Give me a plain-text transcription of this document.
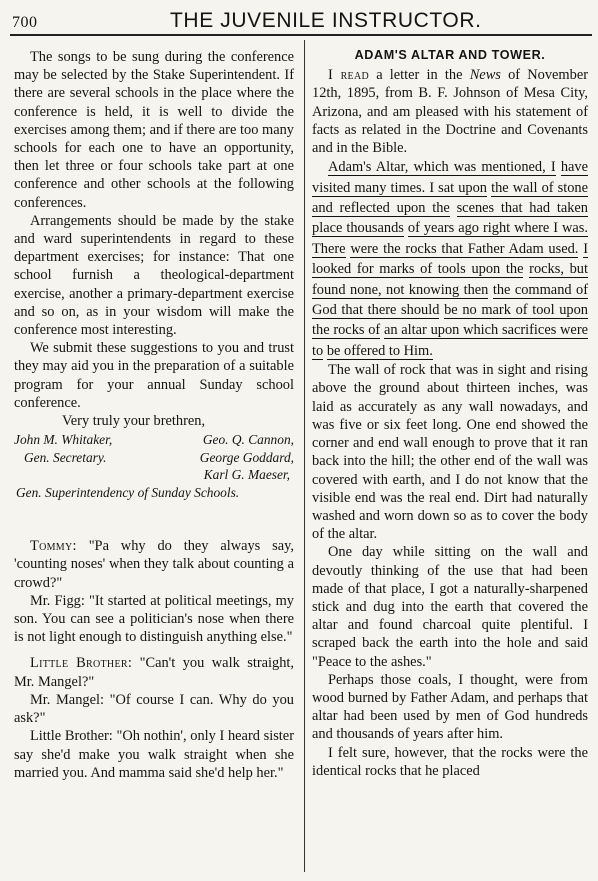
700	THE JUVENILE INSTRUCTOR.

The songs to be sung during the conference may be selected by the Stake Superintendent. If there are several schools in the place where the conference is held, it is well to divide the exercises among them; and if there are too many schools for each one to have an opportunity, then let three or four schools take part at one conference and other schools at the following conferences.

Arrangements should be made by the stake and ward superintendents in regard to these department exercises; for instance: That one school furnish a theological-department exercise, another a primary-department exercise and so on, as in your wisdom will make the conference most interesting.

We submit these suggestions to you and trust they may aid you in the preparation of a suitable program for your annual Sunday school conference.

Very truly your brethren,

John M. Whitaker,	Geo. Q. Cannon,
Gen. Secretary.	George Goddard,
Karl G. Maeser,
Gen. Superintendency of Sunday Schools.

Tommy: "Pa why do they always say, 'counting noses' when they talk about counting a crowd?"

Mr. Figg: "It started at political meetings, my son. You can see a politician's nose when there is not light enough to distinguish anything else."

Little Brother: "Can't you walk straight, Mr. Mangel?"

Mr. Mangel: "Of course I can. Why do you ask?"

Little Brother: "Oh nothin', only I heard sister say she'd make you walk straight when she married you. And mamma said she'd help her."

ADAM'S ALTAR AND TOWER.

I read a letter in the News of November 12th, 1895, from B. F. Johnson of Mesa City, Arizona, and am pleased with his statement of facts as related in the Doctrine and Covenants and in the Bible.

Adam's Altar, which was mentioned, I have visited many times. I sat upon the wall of stone and reflected upon the scenes that had taken place thousands of years ago right where I was. There were the rocks that Father Adam used. I looked for marks of tools upon the rocks, but found none, not knowing then the command of God that there should be no mark of tool upon the rocks of an altar upon which sacrifices were to be offered to Him.

The wall of rock that was in sight and rising above the ground about thirteen inches, was laid as accurately as any wall nowadays, and was five or six feet long. One end showed the corner and end wall enough to prove that it ran back into the hill; the other end of the wall was covered with earth, and I do not know that the visible end was the real end. Dirt had naturally washed and worn down so as to cover the body of the altar.

One day while sitting on the wall and devoutly thinking of the use that had been made of that place, I got a naturally-sharpened stick and dug into the earth that covered the altar and found charcoal quite plentiful. I scraped back the earth into the hole and said "Peace to the ashes."

Perhaps those coals, I thought, were from wood burned by Father Adam, and perhaps that altar had been used by men of God hundreds and thousands of years after him.

I felt sure, however, that the rocks were the identical rocks that he placed
